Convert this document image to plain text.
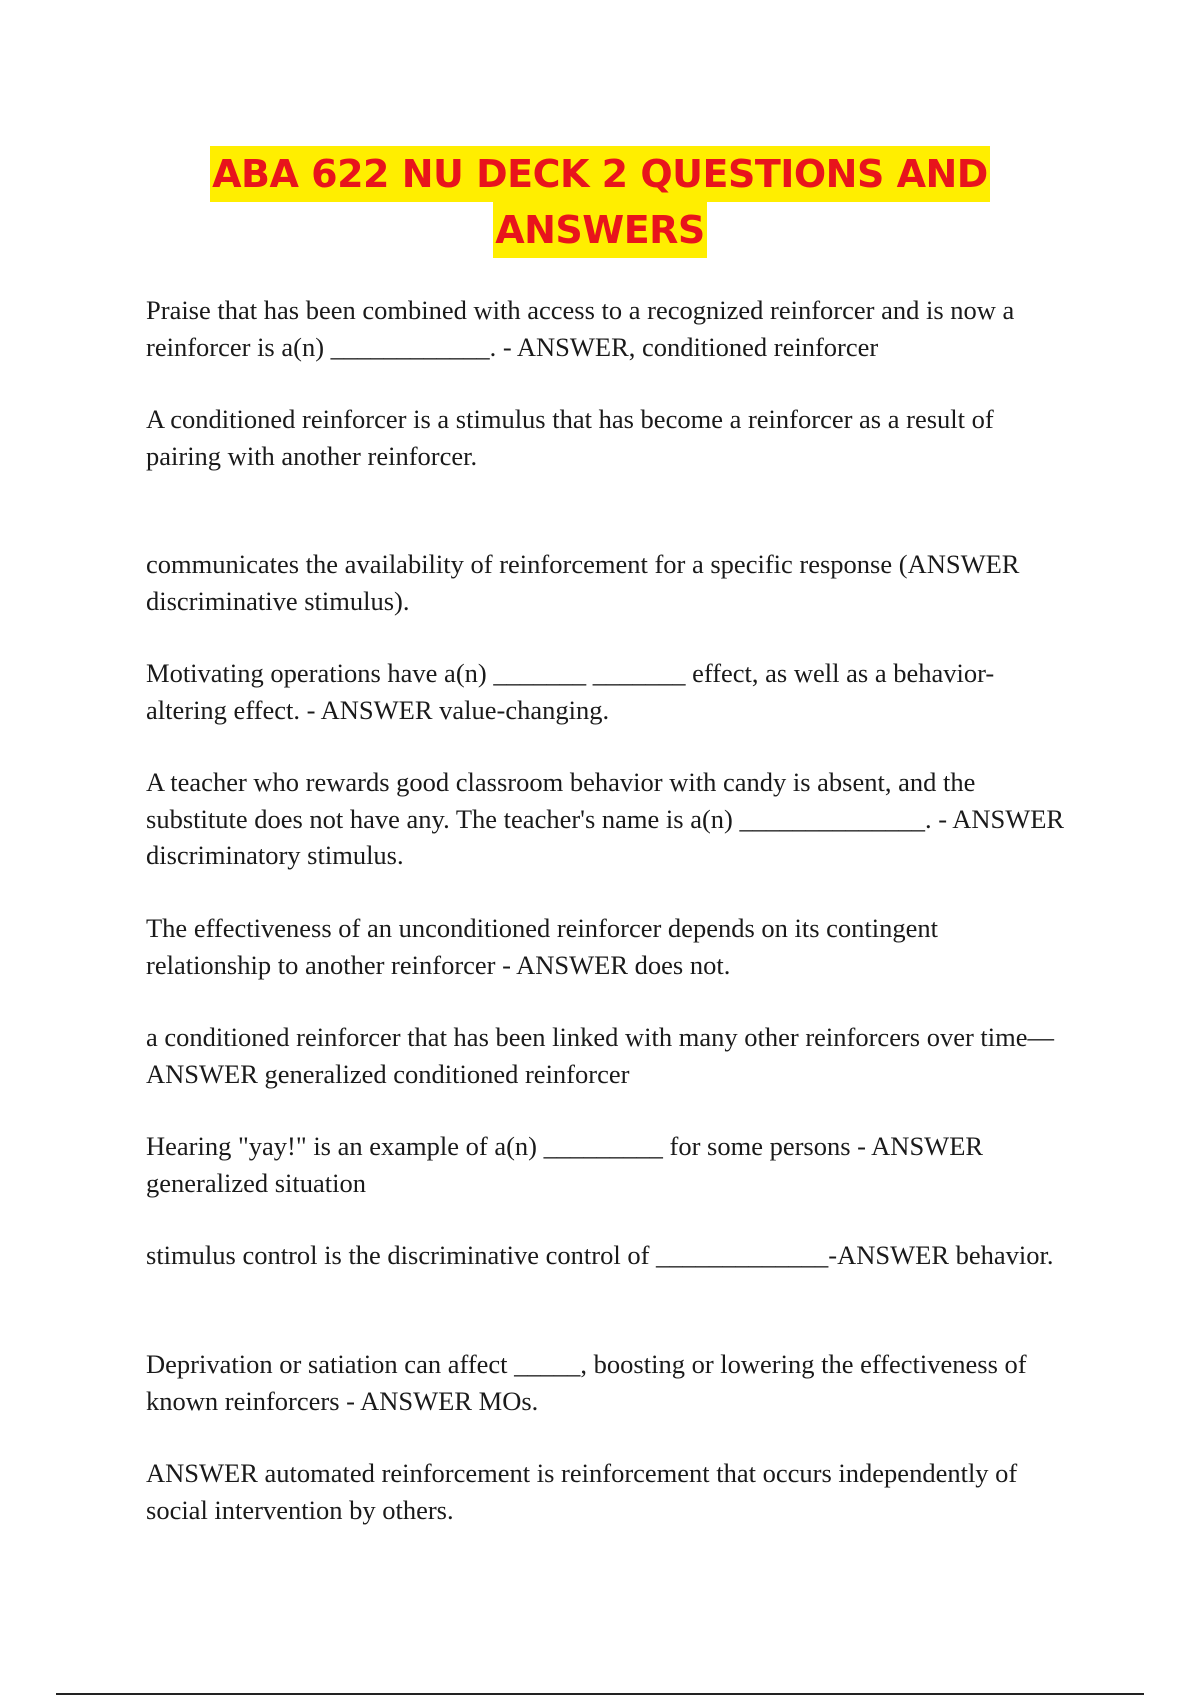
ABA 622 NU DECK 2 QUESTIONS AND
ANSWERS

Praise that has been combined with access to a recognized reinforcer and is now a reinforcer is a(n) ____________. - ANSWER, conditioned reinforcer

A conditioned reinforcer is a stimulus that has become a reinforcer as a result of pairing with another reinforcer.

communicates the availability of reinforcement for a specific response (ANSWER discriminative stimulus).

Motivating operations have a(n) _______ _______ effect, as well as a behavior-altering effect. - ANSWER value-changing.

A teacher who rewards good classroom behavior with candy is absent, and the substitute does not have any. The teacher's name is a(n) ______________. - ANSWER discriminatory stimulus.

The effectiveness of an unconditioned reinforcer depends on its contingent relationship to another reinforcer - ANSWER does not.

a conditioned reinforcer that has been linked with many other reinforcers over time—ANSWER generalized conditioned reinforcer

Hearing "yay!" is an example of a(n) _________ for some persons - ANSWER generalized situation

stimulus control is the discriminative control of _____________-ANSWER behavior.

Deprivation or satiation can affect _____, boosting or lowering the effectiveness of known reinforcers - ANSWER MOs.

ANSWER automated reinforcement is reinforcement that occurs independently of social intervention by others.
